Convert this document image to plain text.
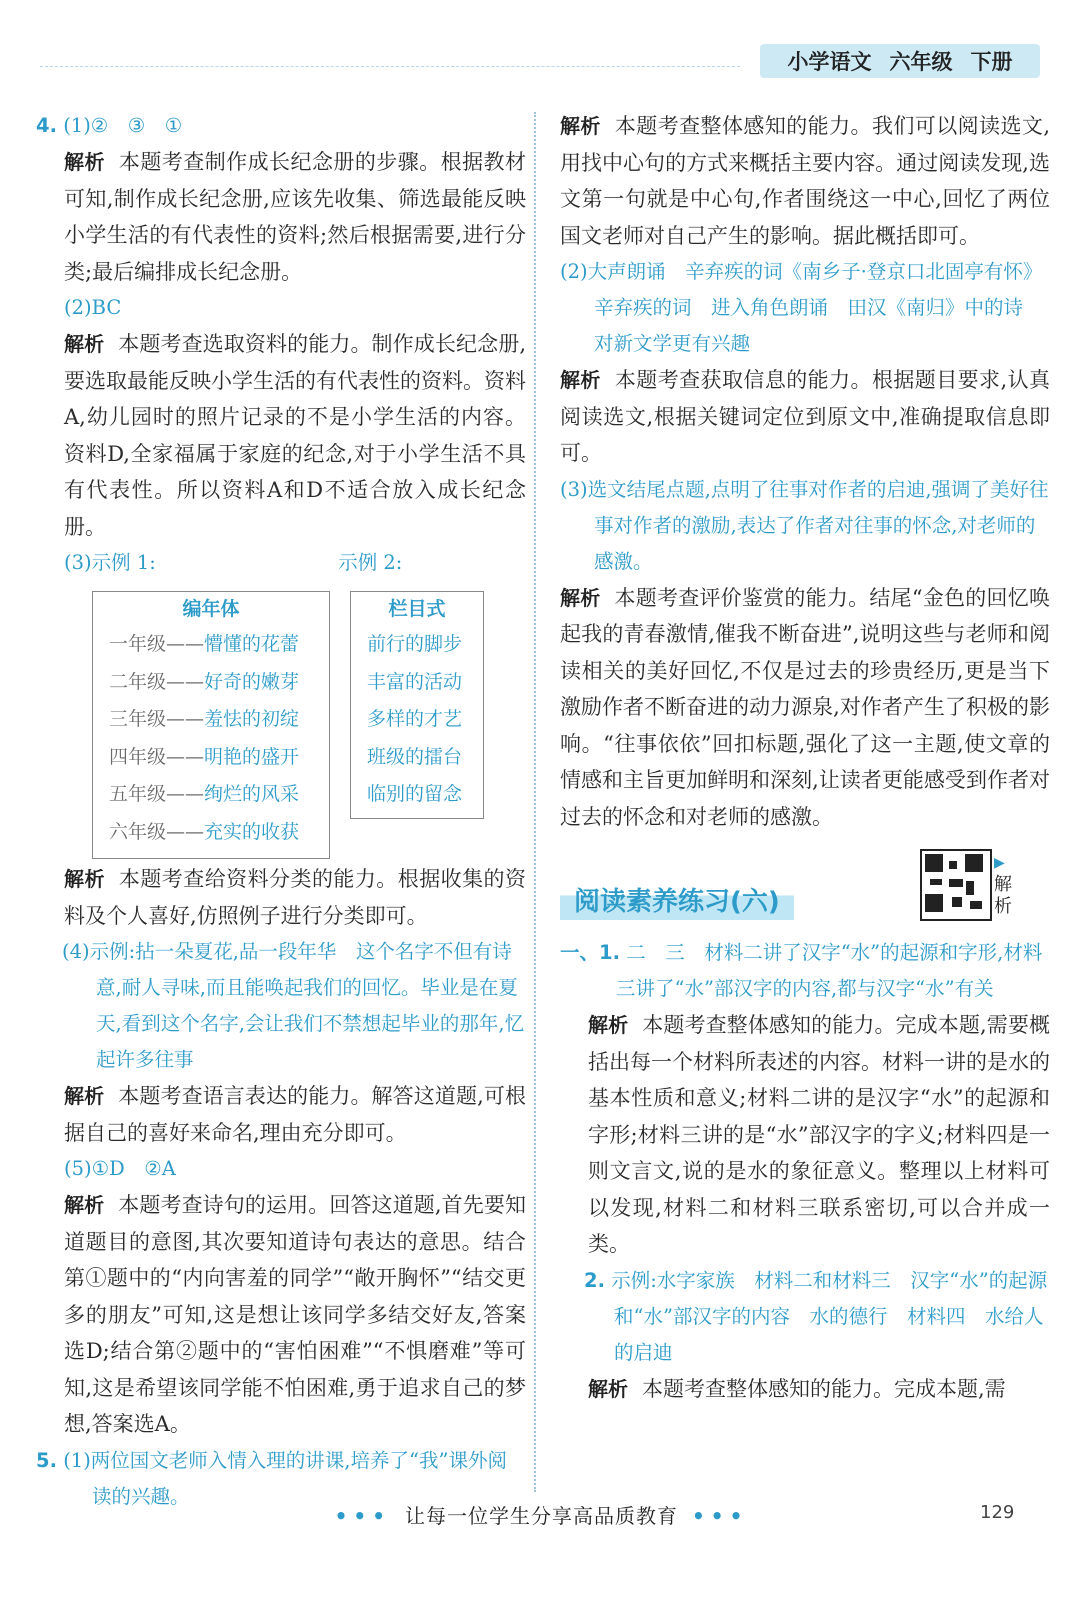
小学语文 六年级 下册

4. (1)②　③　①

解析 本题考查制作成长纪念册的步骤。根据教材可知,制作成长纪念册,应该先收集、筛选最能反映小学生活的有代表性的资料;然后根据需要,进行分类;最后编排成长纪念册。

(2)BC

解析 本题考查选取资料的能力。制作成长纪念册,要选取最能反映小学生活的有代表性的资料。资料A,幼儿园时的照片记录的不是小学生活的内容。资料D,全家福属于家庭的纪念,对于小学生活不具有代表性。所以资料A和D不适合放入成长纪念册。

(3)示例 1:	示例 2:

编年体
一年级——懵懂的花蕾
二年级——好奇的嫩芽
三年级——羞怯的初绽
四年级——明艳的盛开
五年级——绚烂的风采
六年级——充实的收获
栏目式
前行的脚步
丰富的活动
多样的才艺
班级的擂台
临别的留念

解析 本题考查给资料分类的能力。根据收集的资料及个人喜好,仿照例子进行分类即可。

(4)示例:拈一朵夏花,品一段年华　这个名字不但有诗意,耐人寻味,而且能唤起我们的回忆。毕业是在夏天,看到这个名字,会让我们不禁想起毕业的那年,忆起许多往事

解析 本题考查语言表达的能力。解答这道题,可根据自己的喜好来命名,理由充分即可。

(5)①D　②A

解析 本题考查诗句的运用。回答这道题,首先要知道题目的意图,其次要知道诗句表达的意思。结合第①题中的“内向害羞的同学”“敞开胸怀”“结交更多的朋友”可知,这是想让该同学多结交好友,答案选D;结合第②题中的“害怕困难”“不惧磨难”等可知,这是希望该同学能不怕困难,勇于追求自己的梦想,答案选A。

5. (1)两位国文老师入情入理的讲课,培养了“我”课外阅读的兴趣。

解析 本题考查整体感知的能力。我们可以阅读选文,用找中心句的方式来概括主要内容。通过阅读发现,选文第一句就是中心句,作者围绕这一中心,回忆了两位国文老师对自己产生的影响。据此概括即可。

(2)大声朗诵　辛弃疾的词《南乡子·登京口北固亭有怀》　辛弃疾的词　进入角色朗诵　田汉《南归》中的诗　对新文学更有兴趣

解析 本题考查获取信息的能力。根据题目要求,认真阅读选文,根据关键词定位到原文中,准确提取信息即可。

(3)选文结尾点题,点明了往事对作者的启迪,强调了美好往事对作者的激励,表达了作者对往事的怀念,对老师的感激。

解析 本题考查评价鉴赏的能力。结尾“金色的回忆唤起我的青春激情,催我不断奋进”,说明这些与老师和阅读相关的美好回忆,不仅是过去的珍贵经历,更是当下激励作者不断奋进的动力源泉,对作者产生了积极的影响。“往事依依”回扣标题,强化了这一主题,使文章的情感和主旨更加鲜明和深刻,让读者更能感受到作者对过去的怀念和对老师的感激。

阅读素养练习(六)
▶
解析

一、1. 二　三　材料二讲了汉字“水”的起源和字形,材料三讲了“水”部汉字的内容,都与汉字“水”有关

解析 本题考查整体感知的能力。完成本题,需要概括出每一个材料所表述的内容。材料一讲的是水的基本性质和意义;材料二讲的是汉字“水”的起源和字形;材料三讲的是“水”部汉字的字义;材料四是一则文言文,说的是水的象征意义。整理以上材料可以发现,材料二和材料三联系密切,可以合并成一类。

2. 示例:水字家族　材料二和材料三　汉字“水”的起源和“水”部汉字的内容　水的德行　材料四　水给人的启迪

解析 本题考查整体感知的能力。完成本题,需

••• 让每一位学生分享高品质教育 •••	129
